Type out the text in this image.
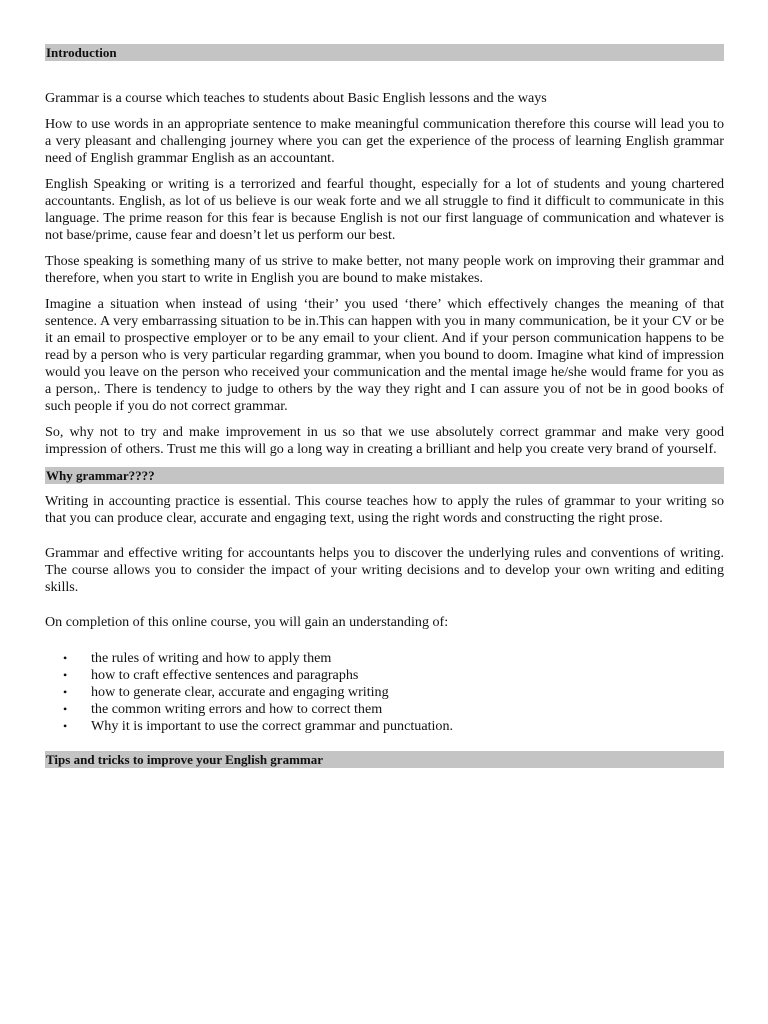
Introduction

Grammar is a course which teaches to students about Basic English lessons and the ways

How to use words in an appropriate sentence to make meaningful communication therefore this course will lead you to a very pleasant and challenging journey where you can get the experience of the process of learning English grammar need of English grammar English as an accountant.

English Speaking or writing is a terrorized and fearful thought, especially for a lot of students and young chartered accountants. English, as lot of us believe is our weak forte and we all struggle to find it difficult to communicate in this language. The prime reason for this fear is because English is not our first language of communication and whatever is not base/prime, cause fear and doesn’t let us perform our best.

Those speaking is something many of us strive to make better, not many people work on improving their grammar and therefore, when you start to write in English you are bound to make mistakes.

Imagine a situation when instead of using ‘their’ you used ‘there’ which effectively changes the meaning of that sentence. A very embarrassing situation to be in.This can happen with you in many communication, be it your CV or be it an email to prospective employer or to be any email to your client. And if your person communication happens to be read by a person who is very particular regarding grammar, when you bound to doom. Imagine what kind of impression would you leave on the person who received your communication and the mental image he/she would frame for you as a person,. There is tendency to judge to others by the way they right and I can assure you of not be in good books of such people if you do not correct grammar.

So, why not to try and make improvement in us so that we use absolutely correct grammar and make very good impression of others. Trust me this will go a long way in creating a brilliant and help you create very brand of yourself.

Why grammar????

Writing in accounting practice is essential. This course teaches how to apply the rules of grammar to your writing so that you can produce clear, accurate and engaging text, using the right words and constructing the right prose.

Grammar and effective writing for accountants helps you to discover the underlying rules and conventions of writing. The course allows you to consider the impact of your writing decisions and to develop your own writing and editing skills.

On completion of this online course, you will gain an understanding of:

• the rules of writing and how to apply them
• how to craft effective sentences and paragraphs
• how to generate clear, accurate and engaging writing
• the common writing errors and how to correct them
• Why it is important to use the correct grammar and punctuation.
Tips and tricks to improve your English grammar
